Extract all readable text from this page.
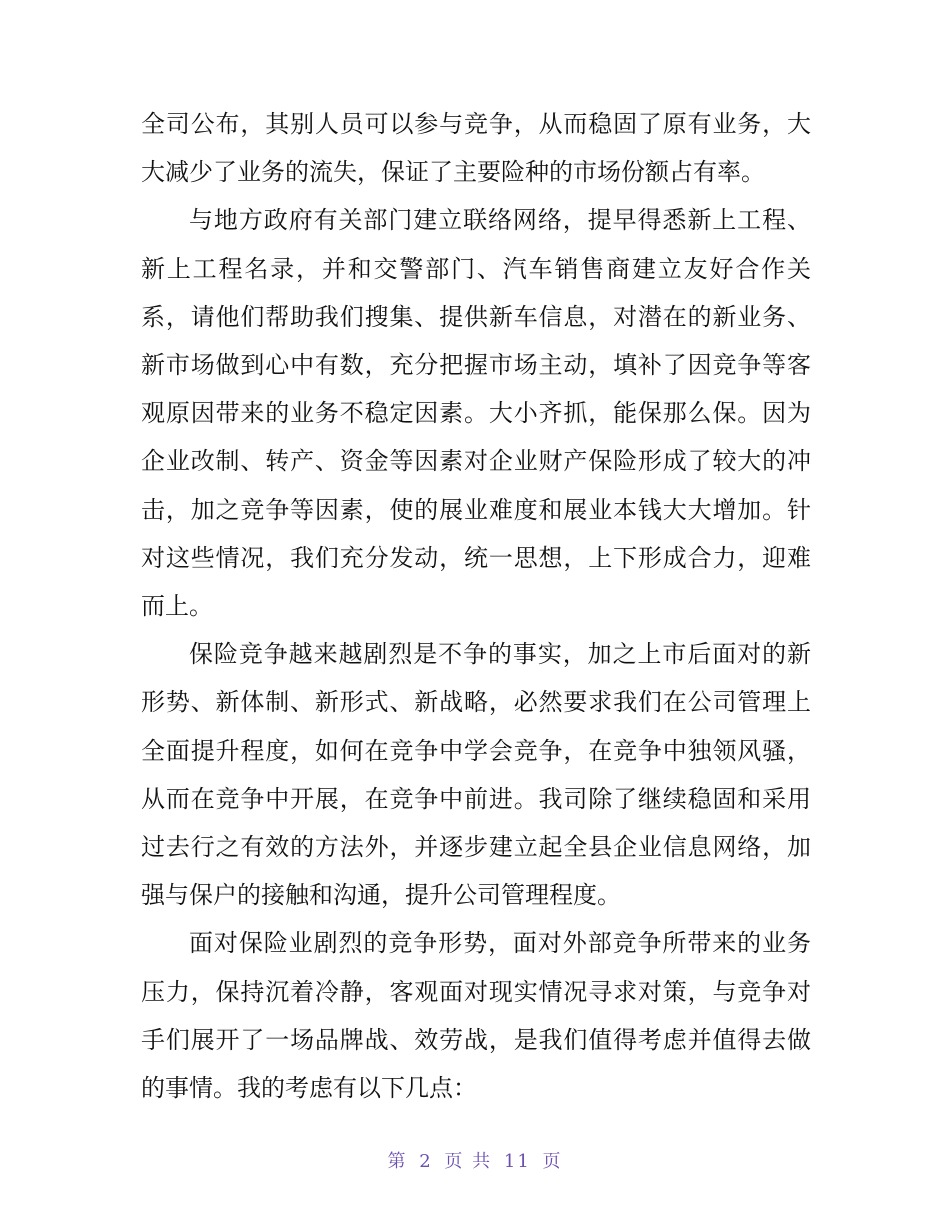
全司公布，其别人员可以参与竞争，从而稳固了原有业务，大大减少了业务的流失，保证了主要险种的市场份额占有率。

与地方政府有关部门建立联络网络，提早得悉新上工程、新上工程名录，并和交警部门、汽车销售商建立友好合作关系，请他们帮助我们搜集、提供新车信息，对潜在的新业务、新市场做到心中有数，充分把握市场主动，填补了因竞争等客观原因带来的业务不稳定因素。大小齐抓，能保那么保。因为企业改制、转产、资金等因素对企业财产保险形成了较大的冲击，加之竞争等因素，使的展业难度和展业本钱大大增加。针对这些情况，我们充分发动，统一思想，上下形成合力，迎难而上。

保险竞争越来越剧烈是不争的事实，加之上市后面对的新形势、新体制、新形式、新战略，必然要求我们在公司管理上全面提升程度，如何在竞争中学会竞争，在竞争中独领风骚，从而在竞争中开展，在竞争中前进。我司除了继续稳固和采用过去行之有效的方法外，并逐步建立起全县企业信息网络，加强与保户的接触和沟通，提升公司管理程度。

面对保险业剧烈的竞争形势，面对外部竞争所带来的业务压力，保持沉着冷静，客观面对现实情况寻求对策，与竞争对手们展开了一场品牌战、效劳战，是我们值得考虑并值得去做的事情。我的考虑有以下几点：

第 2 页 共 11 页
